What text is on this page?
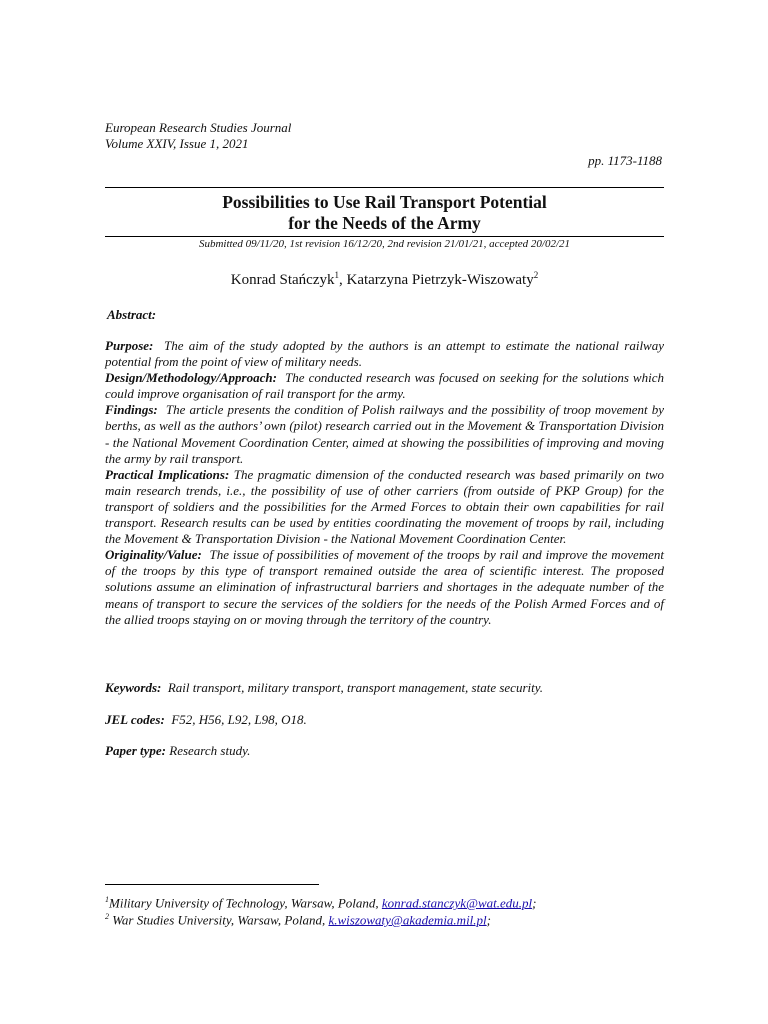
European Research Studies Journal
Volume XXIV, Issue 1, 2021
pp. 1173-1188
Possibilities to Use Rail Transport Potential
for the Needs of the Army
Submitted 09/11/20, 1st revision 16/12/20, 2nd revision 21/01/21, accepted 20/02/21
Konrad Stańczyk$^1$, Katarzyna Pietrzyk-Wiszowaty$^2$
Abstract:

Purpose: The aim of the study adopted by the authors is an attempt to estimate the national railway potential from the point of view of military needs.

Design/Methodology/Approach: The conducted research was focused on seeking for the solutions which could improve organisation of rail transport for the army.

Findings: The article presents the condition of Polish railways and the possibility of troop movement by berths, as well as the authors’ own (pilot) research carried out in the Movement & Transportation Division - the National Movement Coordination Center, aimed at showing the possibilities of improving and moving the army by rail transport.

Practical Implications: The pragmatic dimension of the conducted research was based primarily on two main research trends, i.e., the possibility of use of other carriers (from outside of PKP Group) for the transport of soldiers and the possibilities for the Armed Forces to obtain their own capabilities for rail transport. Research results can be used by entities coordinating the movement of troops by rail, including the Movement & Transportation Division - the National Movement Coordination Center.

Originality/Value: The issue of possibilities of movement of the troops by rail and improve the movement of the troops by this type of transport remained outside the area of scientific interest. The proposed solutions assume an elimination of infrastructural barriers and shortages in the adequate number of the means of transport to secure the services of the soldiers for the needs of the Polish Armed Forces and of the allied troops staying on or moving through the territory of the country.

Keywords: Rail transport, military transport, transport management, state security.
JEL codes: F52, H56, L92, L98, O18.
Paper type: Research study.
$^1$Military University of Technology, Warsaw, Poland, konrad.stanczyk@wat.edu.pl;
$^2$ War Studies University, Warsaw, Poland, k.wiszowaty@akademia.mil.pl;
